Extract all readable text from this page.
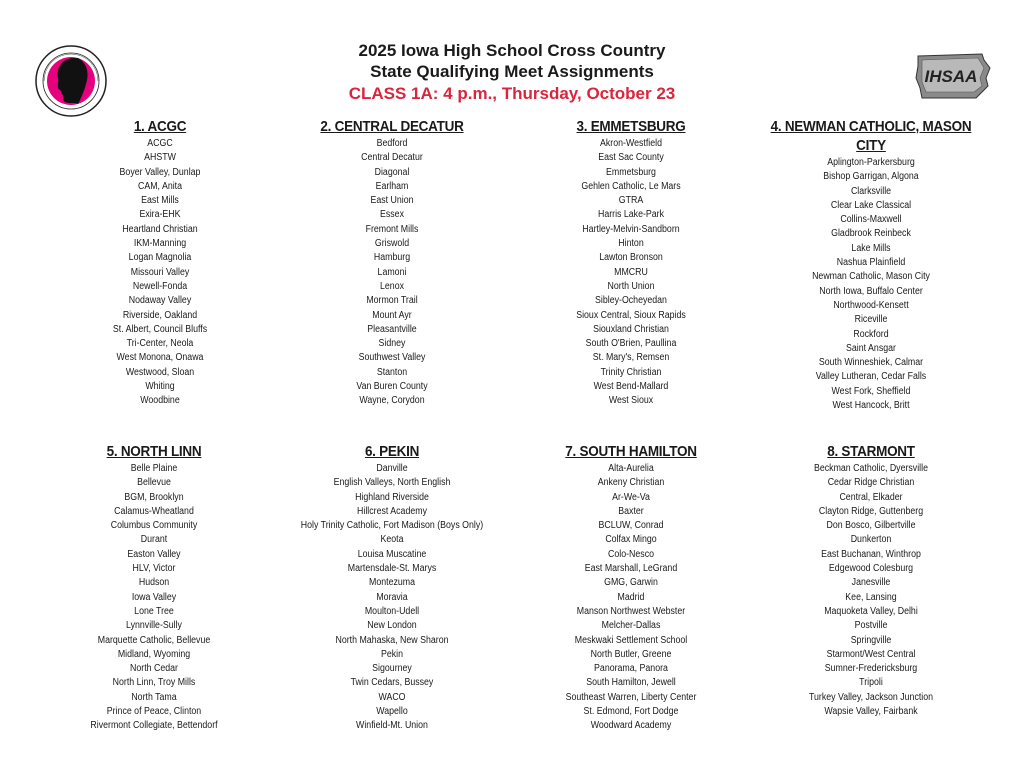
2025 Iowa High School Cross Country
State Qualifying Meet Assignments
CLASS 1A: 4 p.m., Thursday, October 23
IHSAA
1. ACGC
ACGC
AHSTW
Boyer Valley, Dunlap
CAM, Anita
East Mills
Exira-EHK
Heartland Christian
IKM-Manning
Logan Magnolia
Missouri Valley
Newell-Fonda
Nodaway Valley
Riverside, Oakland
St. Albert, Council Bluffs
Tri-Center, Neola
West Monona, Onawa
Westwood, Sloan
Whiting
Woodbine
2. CENTRAL DECATUR
Bedford
Central Decatur
Diagonal
Earlham
East Union
Essex
Fremont Mills
Griswold
Hamburg
Lamoni
Lenox
Mormon Trail
Mount Ayr
Pleasantville
Sidney
Southwest Valley
Stanton
Van Buren County
Wayne, Corydon
3. EMMETSBURG
Akron-Westfield
East Sac County
Emmetsburg
Gehlen Catholic, Le Mars
GTRA
Harris Lake-Park
Hartley-Melvin-Sandborn
Hinton
Lawton Bronson
MMCRU
North Union
Sibley-Ocheyedan
Sioux Central, Sioux Rapids
Siouxland Christian
South O'Brien, Paullina
St. Mary's, Remsen
Trinity Christian
West Bend-Mallard
West Sioux
4. NEWMAN CATHOLIC, MASON CITY
Aplington-Parkersburg
Bishop Garrigan, Algona
Clarksville
Clear Lake Classical
Collins-Maxwell
Gladbrook Reinbeck
Lake Mills
Nashua Plainfield
Newman Catholic, Mason City
North Iowa, Buffalo Center
Northwood-Kensett
Riceville
Rockford
Saint Ansgar
South Winneshiek, Calmar
Valley Lutheran, Cedar Falls
West Fork, Sheffield
West Hancock, Britt
5. NORTH LINN
Belle Plaine
Bellevue
BGM, Brooklyn
Calamus-Wheatland
Columbus Community
Durant
Easton Valley
HLV, Victor
Hudson
Iowa Valley
Lone Tree
Lynnville-Sully
Marquette Catholic, Bellevue
Midland, Wyoming
North Cedar
North Linn, Troy Mills
North Tama
Prince of Peace, Clinton
Rivermont Collegiate, Bettendorf
6. PEKIN
Danville
English Valleys, North English
Highland Riverside
Hillcrest Academy
Holy Trinity Catholic, Fort Madison (Boys Only)
Keota
Louisa Muscatine
Martensdale-St. Marys
Montezuma
Moravia
Moulton-Udell
New London
North Mahaska, New Sharon
Pekin
Sigourney
Twin Cedars, Bussey
WACO
Wapello
Winfield-Mt. Union
7. SOUTH HAMILTON
Alta-Aurelia
Ankeny Christian
Ar-We-Va
Baxter
BCLUW, Conrad
Colfax Mingo
Colo-Nesco
East Marshall, LeGrand
GMG, Garwin
Madrid
Manson Northwest Webster
Melcher-Dallas
Meskwaki Settlement School
North Butler, Greene
Panorama, Panora
South Hamilton, Jewell
Southeast Warren, Liberty Center
St. Edmond, Fort Dodge
Woodward Academy
8. STARMONT
Beckman Catholic, Dyersville
Cedar Ridge Christian
Central, Elkader
Clayton Ridge, Guttenberg
Don Bosco, Gilbertville
Dunkerton
East Buchanan, Winthrop
Edgewood Colesburg
Janesville
Kee, Lansing
Maquoketa Valley, Delhi
Postville
Springville
Starmont/West Central
Sumner-Fredericksburg
Tripoli
Turkey Valley, Jackson Junction
Wapsie Valley, Fairbank
